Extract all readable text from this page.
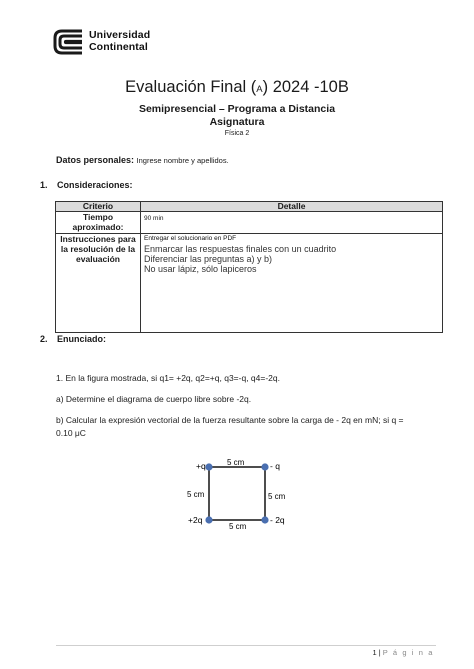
Universidad
Continental
Evaluación Final (A) 2024 -10B
Semipresencial – Programa a Distancia
Asignatura
Física 2
Datos personales: Ingrese nombre y apellidos.
1. Consideraciones:
Criterio	Detalle
Tiempo aproximado:	90 min
Instrucciones para la resolución de la evaluación	Entregar el solucionario en PDF
Enmarcar las respuestas finales con un cuadrito
Diferenciar las preguntas a) y b)
No usar lápiz, sólo lapiceros
2. Enunciado:
1. En la figura mostrada, si q1= +2q, q2=+q, q3=-q, q4=-2q.
a) Determine el diagrama de cuerpo libre sobre -2q.
b) Calcular la expresión vectorial de la fuerza resultante sobre la carga de - 2q en mN; si q =
0.10 μC
+q	- q
+2q	- 2q
5 cm
5 cm
5 cm	5 cm
1 | P á g i n a
